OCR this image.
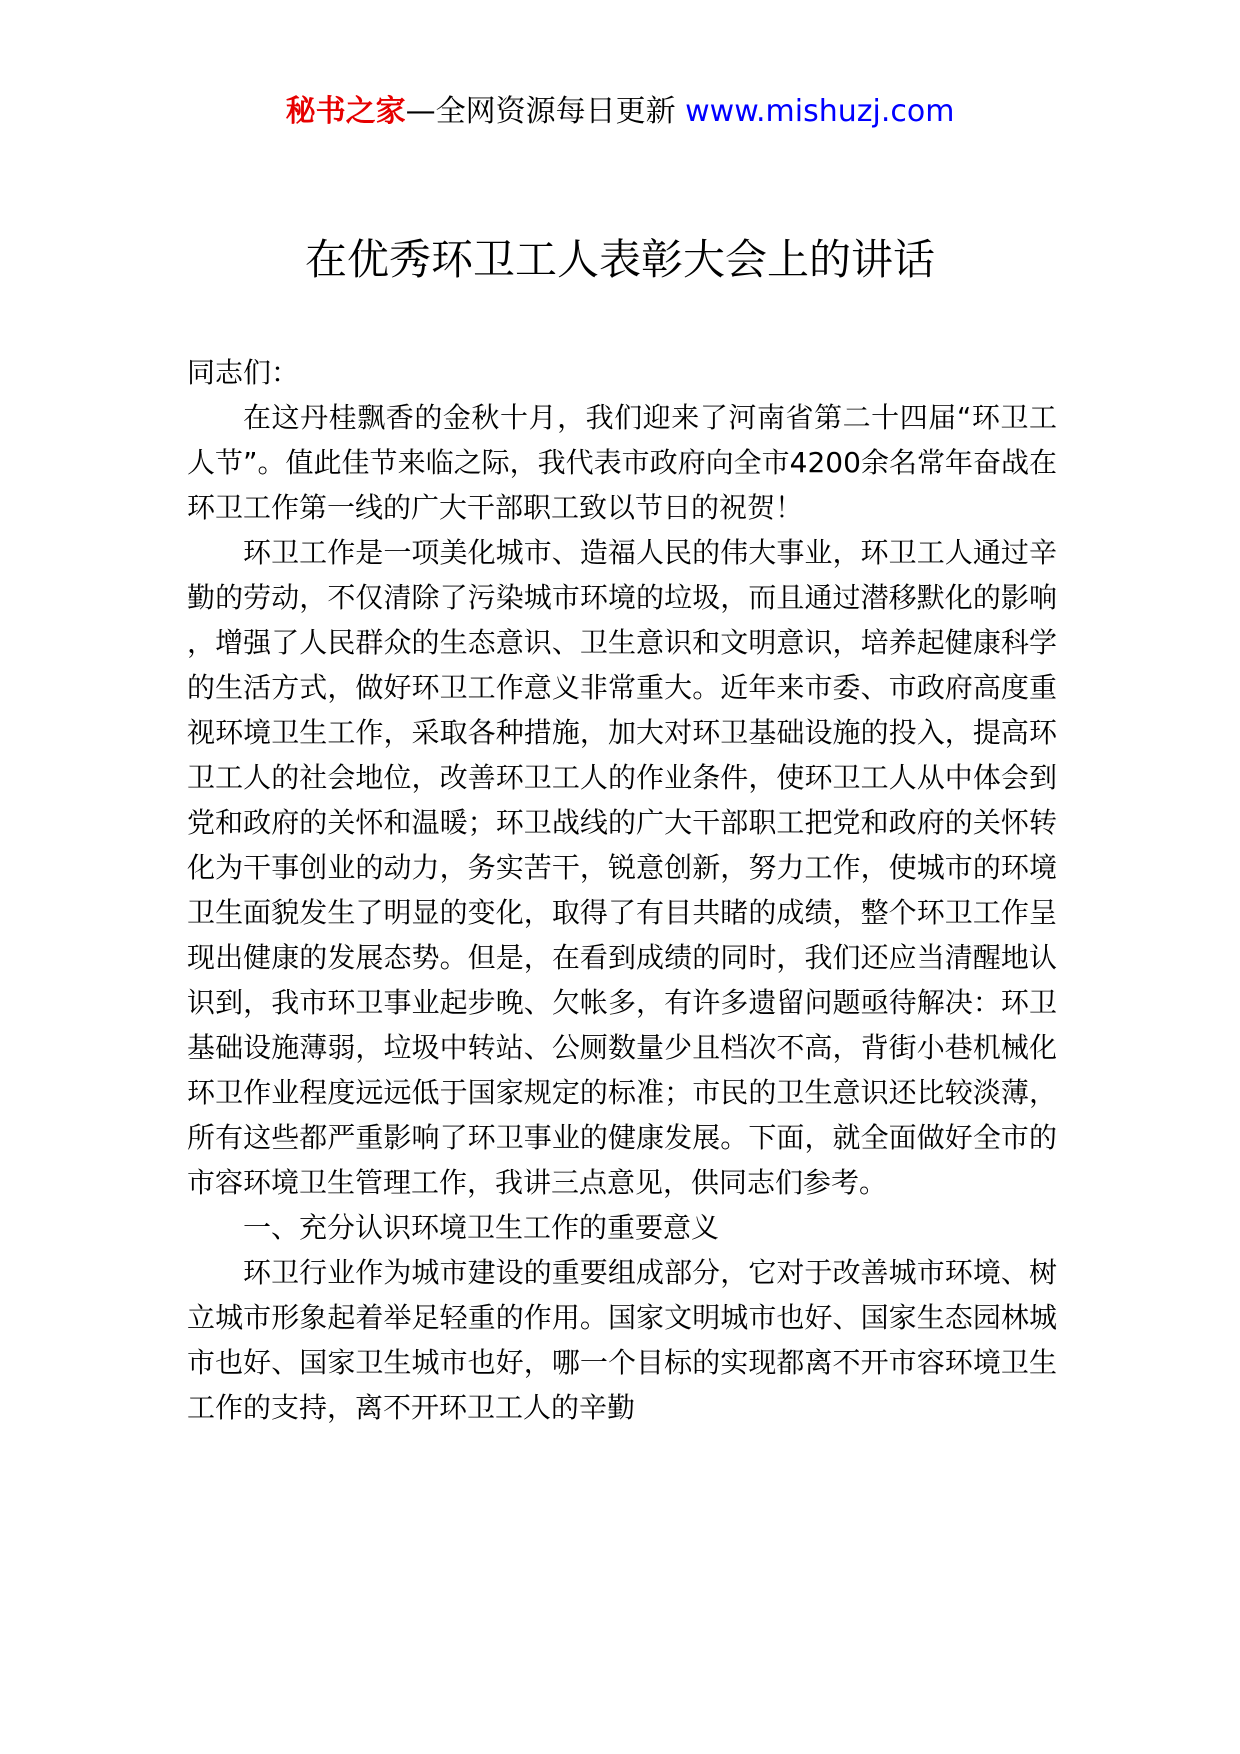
秘书之家—全网资源每日更新 www.mishuzj.com
在优秀环卫工人表彰大会上的讲话

同志们：

在这丹桂飘香的金秋十月，我们迎来了河南省第二十四届“环卫工人节”。值此佳节来临之际，我代表市政府向全市4200余名常年奋战在环卫工作第一线的广大干部职工致以节日的祝贺！

环卫工作是一项美化城市、造福人民的伟大事业，环卫工人通过辛勤的劳动，不仅清除了污染城市环境的垃圾，而且通过潜移默化的影响，增强了人民群众的生态意识、卫生意识和文明意识，培养起健康科学的生活方式，做好环卫工作意义非常重大。近年来市委、市政府高度重视环境卫生工作，采取各种措施，加大对环卫基础设施的投入，提高环卫工人的社会地位，改善环卫工人的作业条件，使环卫工人从中体会到党和政府的关怀和温暖；环卫战线的广大干部职工把党和政府的关怀转化为干事创业的动力，务实苦干，锐意创新，努力工作，使城市的环境卫生面貌发生了明显的变化，取得了有目共睹的成绩，整个环卫工作呈现出健康的发展态势。但是，在看到成绩的同时，我们还应当清醒地认识到，我市环卫事业起步晚、欠帐多，有许多遗留问题亟待解决：环卫基础设施薄弱，垃圾中转站、公厕数量少且档次不高，背街小巷机械化环卫作业程度远远低于国家规定的标准；市民的卫生意识还比较淡薄，所有这些都严重影响了环卫事业的健康发展。下面，就全面做好全市的市容环境卫生管理工作，我讲三点意见，供同志们参考。

一、充分认识环境卫生工作的重要意义

环卫行业作为城市建设的重要组成部分，它对于改善城市环境、树立城市形象起着举足轻重的作用。国家文明城市也好、国家生态园林城市也好、国家卫生城市也好，哪一个目标的实现都离不开市容环境卫生工作的支持，离不开环卫工人的辛勤
